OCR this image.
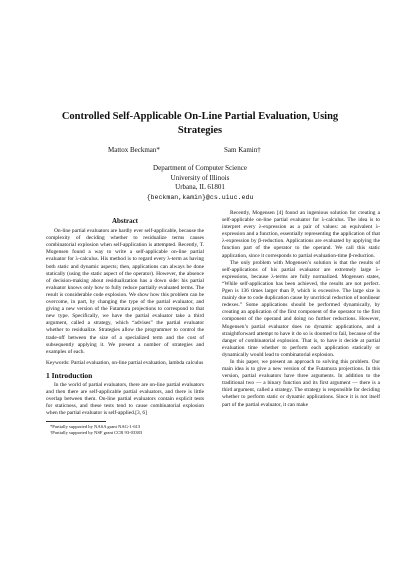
Controlled Self-Applicable On-Line Partial Evaluation, Using
Strategies
Mattox Beckman*	Sam Kamin†
Department of Computer Science
University of Illinois
Urbana, IL 61801
{beckman,kamin}@cs.uiuc.edu
Abstract

On-line partial evaluators are hardly ever self-applicable, because the complexity of deciding whether to residualize terms causes combinatorial explosion when self-application is attempted. Recently, T. Mogensen found a way to write a self-applicable on-line partial evaluator for λ-calculus. His method is to regard every λ-term as having both static and dynamic aspects; then, applications can always be done statically (using the static aspect of the operator). However, the absence of decision-making about residualization has a down side: his partial evaluator knows only how to fully reduce partially evaluated terms. The result is considerable code explosion. We show how this problem can be overcome, in part, by changing the type of the partial evaluator, and giving a new version of the Futamura projections to correspond to that new type. Specifically, we have the partial evaluator take a third argument, called a strategy, which “advises” the partial evaluator whether to residualize. Strategies allow the programmer to control the trade-off between the size of a specialized term and the cost of subsequently applying it. We present a number of strategies and examples of each.

Keywords: Partial evaluation, on-line partial evaluation, lambda calculus

1 Introduction

In the world of partial evaluators, there are on-line partial evaluators and then there are self-applicable partial evaluators, and there is little overlap between them. On-line partial evaluators contain explicit tests for staticness, and these tests tend to cause combinatorial explosion when the partial evaluator is self-applied.[3, 6]

*Partially supported by NASA grant NAG-1-613

†Partially supported by NSF grant CCR 93-03383

Recently, Mogensen [4] found an ingenious solution for creating a self-applicable on-line partial evaluator for λ-calculus. The idea is to interpret every λ-expression as a pair of values: an equivalent λ-expression and a function, essentially representing the application of that λ-expression by β-reduction. Applications are evaluated by applying the function part of the operator to the operand. We call this static application, since it corresponds to partial evaluation-time β-reduction.

The only problem with Mogensen’s solution is that the results of self-applications of his partial evaluator are extremely large λ-expressions, because λ-terms are fully normalized. Mogensen states, “While self-application has been achieved, the results are not perfect. Pgen is 136 times larger than P, which is excessive. The large size is mainly due to code duplication cause by uncritical reduction of nonlinear redexes.” Some applications should be performed dynamically, by creating an application of the first component of the operator to the first component of the operand and doing no further reductions. However, Mogensen’s partial evaluator does no dynamic applications, and a straightforward attempt to have it do so is doomed to fail, because of the danger of combinatorial explosion. That is, to have it decide at partial evaluation time whether to perform each application statically or dynamically would lead to combinatorial explosion.

In this paper, we present an approach to solving this problem. Our main idea is to give a new version of the Futamura projections. In this version, partial evaluators have three arguments. In addition to the traditional two — a binary function and its first argument — there is a third argument, called a strategy. The strategy is responsible for deciding whether to perform static or dynamic applications. Since it is not itself part of the partial evaluator, it can make
